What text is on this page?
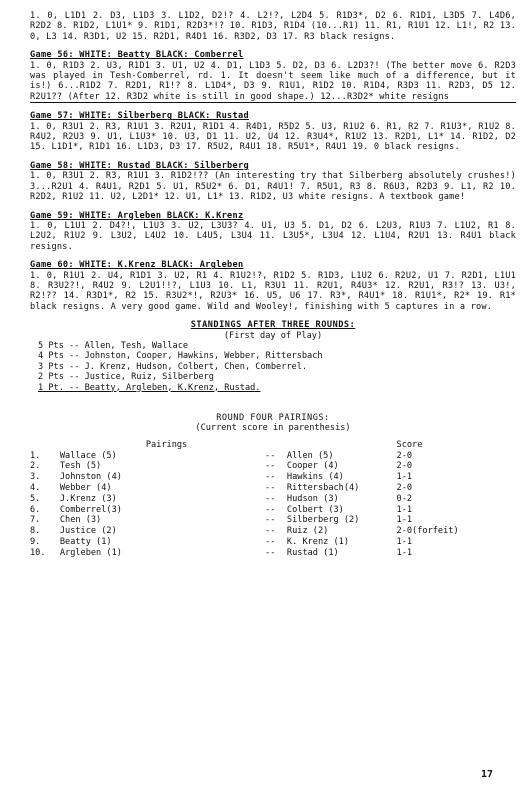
1. 0, L1D1 2. D3, L1D3 3. L1D2, D2!? 4. L2!?, L2D4 5. R1D3*, D2 6. R1D1, L3D5 7. L4D6, R2D2 8. R1D2, L1U1* 9. R1D1, R2D3*!? 10. R1D3, R1D4 (10...R1) 11. R1, R1U1 12. L1!, R2 13. 0, L3 14. R3D1, U2 15. R2D1, R4D1 16. R3D2, D3 17. R3 black resigns.

Game 56: WHITE: Beatty BLACK: Comberrel

1. 0, R1D3 2. U3, R1D1 3. U1, U2 4. D1, L1D3 5. D2, D3 6. L2D3?! (The better move 6. R2D3 was played in Tesh-Comberrel, rd. 1. It doesn't seem like much of a difference, but it is!) 6...R1D2 7. R2D1, R1!? 8. L1D4*, D3 9. R1U1, R1D2 10. R1D4, R3D3 11. R2D3, D5 12. R2U1?? (After 12. R3D2 white is still in good shape.) 12...R3D2* white resigns

Game 57: WHITE: Silberberg BLACK: Rustad

1. 0, R3U1 2. R3, R1U1 3. R2U1, R1D1 4. R4D1, R5D2 5. U3, R1U2 6. R1, R2 7. R1U3*, R1U2 8. R4U2, R2U3 9. U1, L1U3* 10. U3, D1 11. U2, U4 12. R3U4*, R1U2 13. R2D1, L1* 14. R1D2, D2 15. L1D1*, R1D1 16. L1D3, D3 17. R5U2, R4U1 18. R5U1*, R4U1 19. 0 black resigns.

Game 58: WHITE: Rustad BLACK: Silberberg

1. 0, R3U1 2. R3, R1U1 3. R1D2!?? (An interesting try that Silberberg absolutely crushes!) 3...R2U1 4. R4U1, R2D1 5. U1, R5U2* 6. D1, R4U1! 7. R5U1, R3 8. R6U3, R2D3 9. L1, R2 10. R2D2, R1U2 11. U2, L2D1* 12. U1, L1* 13. R1D2, U3 white resigns. A textbook game!

Game 59: WHITE: Argleben BLACK: K.Krenz

1. 0, L1U1 2. D4?!, L1U3 3. U2, L3U3? 4. U1, U3 5. D1, D2 6. L2U3, R1U3 7. L1U2, R1 8. L2U2, R1U2 9. L3U2, L4U2 10. L4U5, L3U4 11. L3U5*, L3U4 12. L1U4, R2U1 13. R4U1 black resigns.

Game 60: WHITE: K.Krenz BLACK: Argleben

1. 0, R1U1 2. U4, R1D1 3. U2, R1 4. R1U2!?, R1D2 5. R1D3, L1U2 6. R2U2, U1 7. R2D1, L1U1 8. R3U2?!, R4U2 9. L2U1!!?, L1U3 10. L1, R3U1 11. R2U1, R4U3* 12. R2U1, R3!? 13. U3!, R2!?? 14. R3D1*, R2 15. R3U2*!, R2U3* 16. U5, U6 17. R3*, R4U1* 18. R1U1*, R2* 19. R1* black resigns. A very good game. Wild and Wooley!, finishing with 5 captures in a row.

STANDINGS AFTER THREE ROUNDS:
(First day of Play)
5 Pts -- Allen, Tesh, Wallace
4 Pts -- Johnston, Cooper, Hawkins, Webber, Rittersbach
3 Pts -- J. Krenz, Hudson, Colbert, Chen, Comberrel.
2 Pts -- Justice, Ruiz, Silberberg
1 Pt. -- Beatty, Argleben, K.Krenz, Rustad.
ROUND FOUR PAIRINGS:
(Current score in parenthesis)
	Pairings			Score
1.	Wallace (5)	--	Allen (5)	2-0
2.	Tesh (5)	--	Cooper (4)	2-0
3.	Johnston (4)	--	Hawkins (4)	1-1
4.	Webber (4)	--	Rittersbach(4)	2-0
5.	J.Krenz (3)	--	Hudson (3)	0-2
6.	Comberrel(3)	--	Colbert (3)	1-1
7.	Chen (3)	--	Silberberg (2)	1-1
8.	Justice (2)	--	Ruiz (2)	2-0(forfeit)
9.	Beatty (1)	--	K. Krenz (1)	1-1
10.	Argleben (1)	--	Rustad (1)	1-1
17
